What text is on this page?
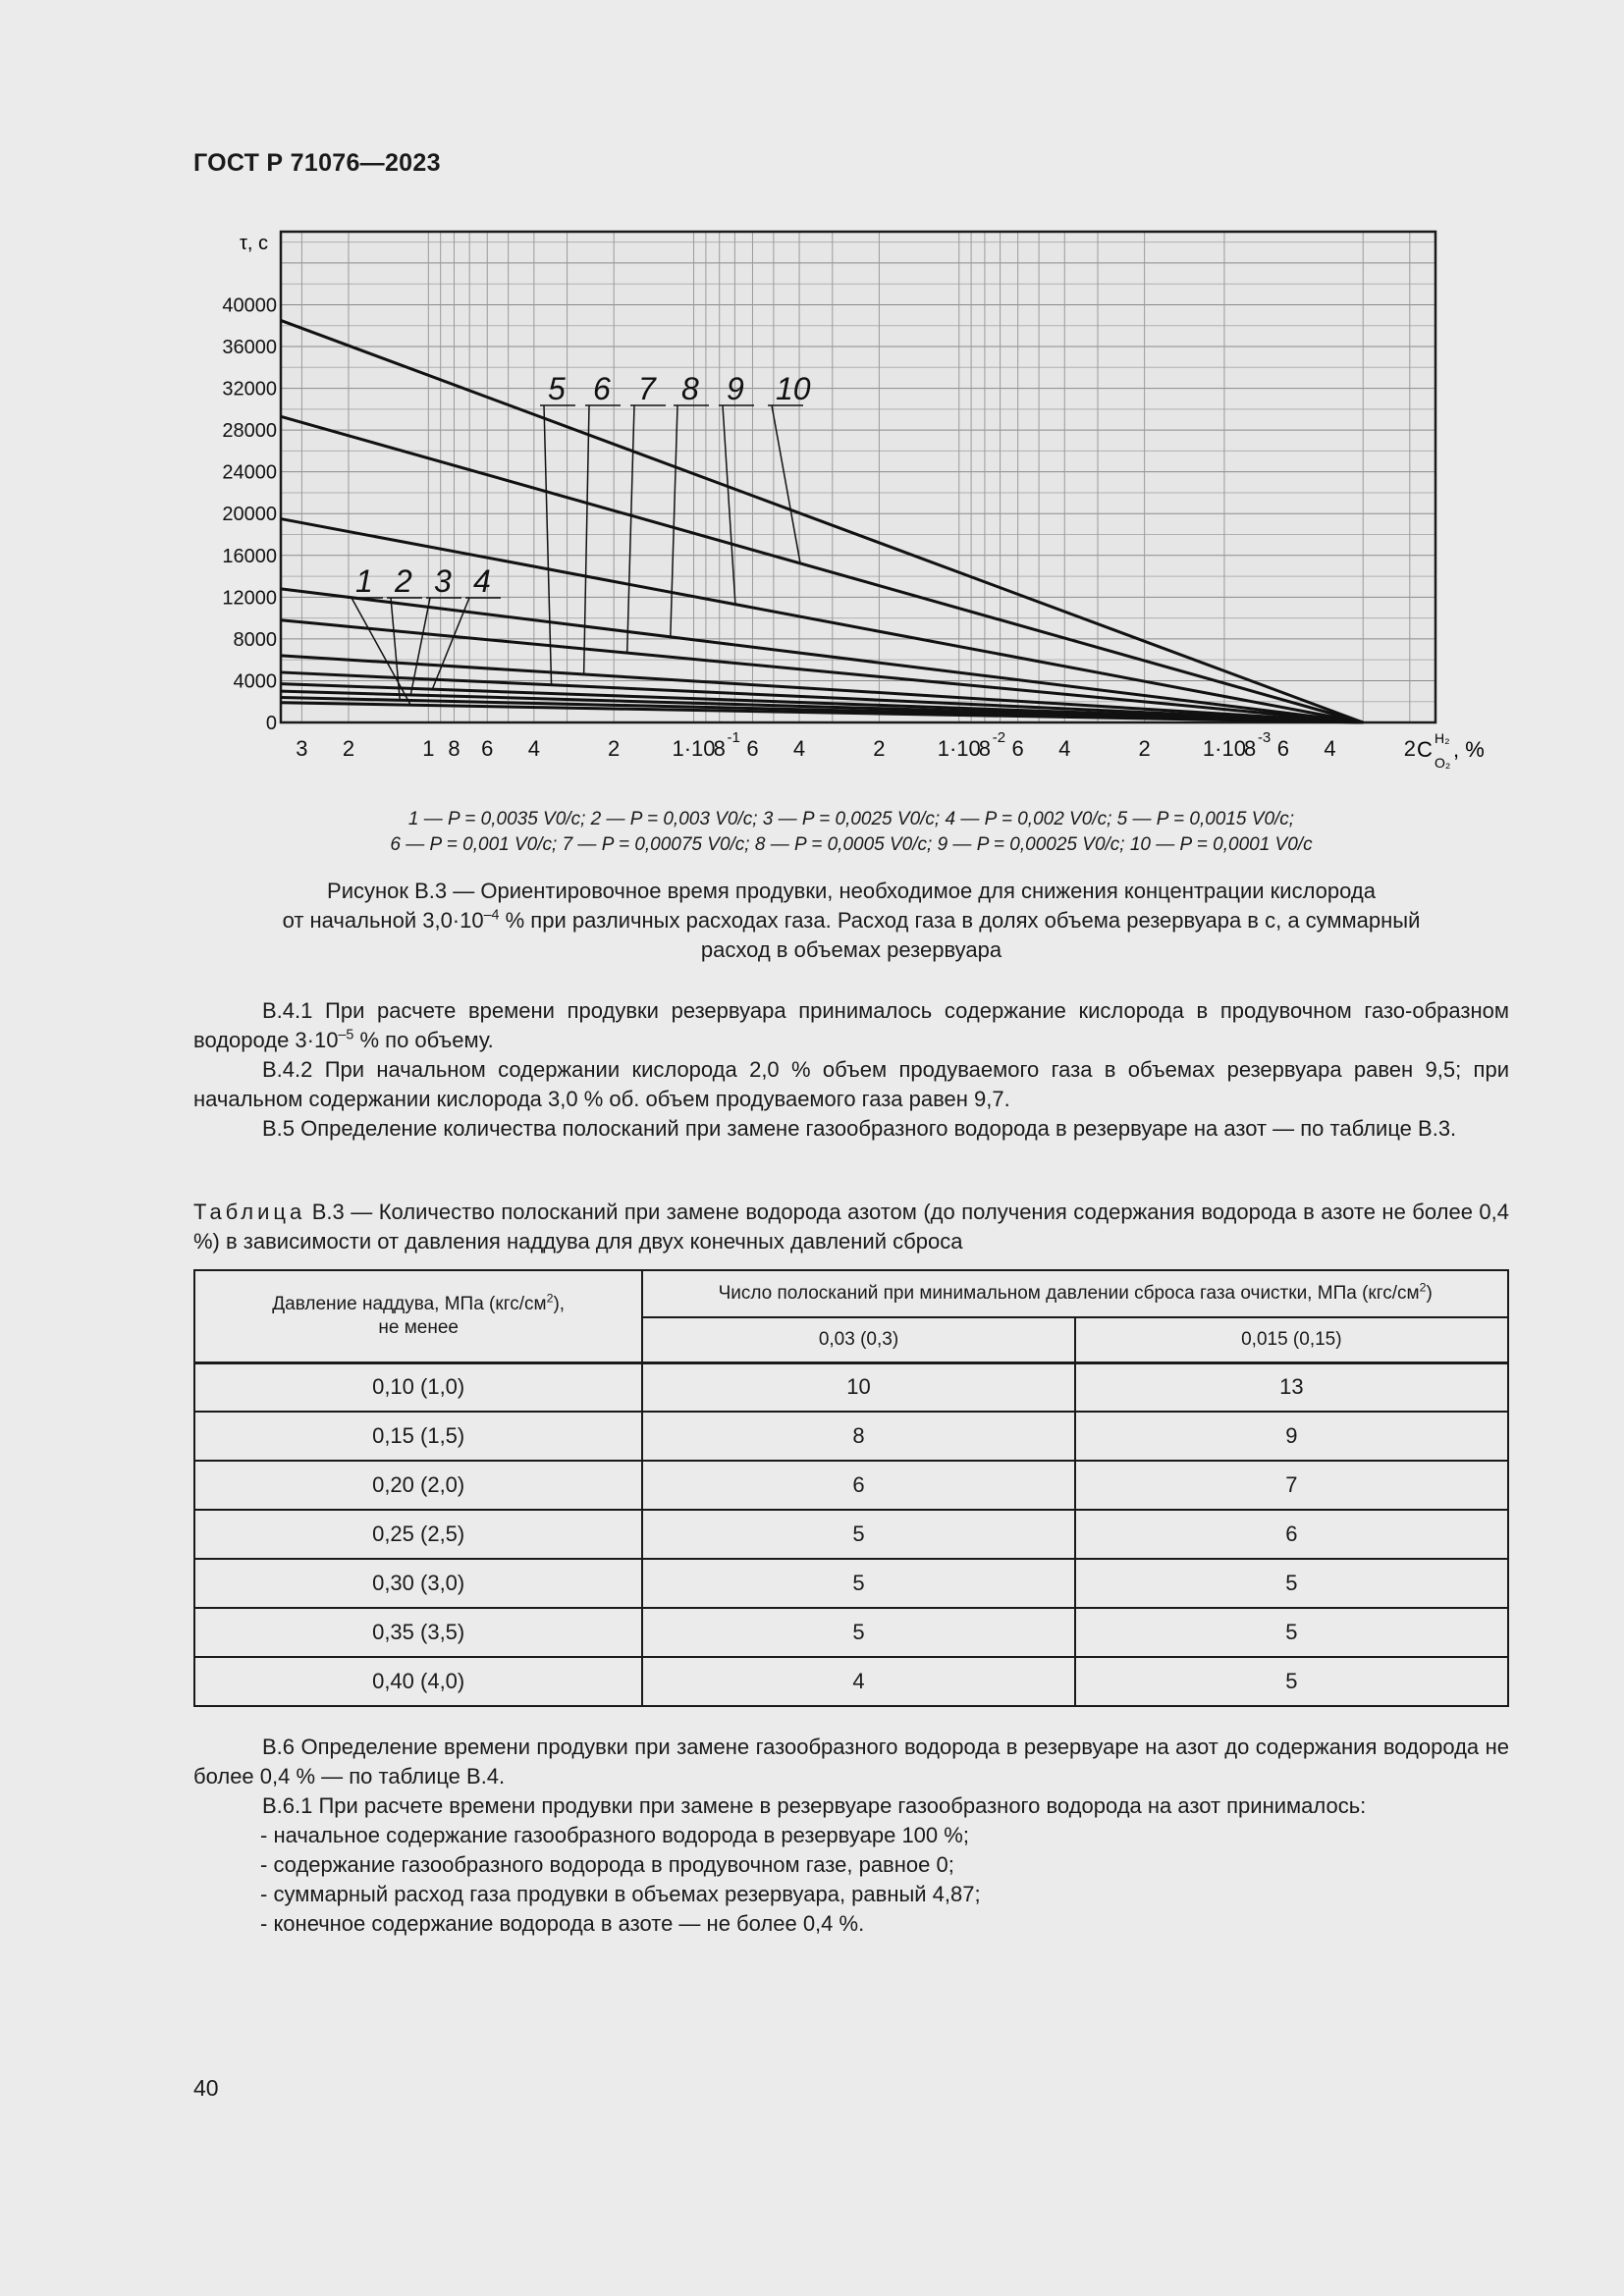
ГОСТ Р 71076—2023
1 2 3 4
5 6 7 8 9 10
0
4000
8000
12000
16000
20000
24000
28000
32000
36000
40000
3 2	1 8 6 4	2 1·10 -1
8 6 4	2 1·10 -2
8 6 4	2 1·10 -3
8 6 4	2
τ, с
C H₂
O₂
, %
1 — P = 0,0035 V0/c; 2 — P = 0,003 V0/c; 3 — P = 0,0025 V0/c; 4 — P = 0,002 V0/c; 5 — P = 0,0015 V0/c;
6 — P = 0,001 V0/c; 7 — P = 0,00075 V0/c; 8 — P = 0,0005 V0/c; 9 — P = 0,00025 V0/c; 10 — P = 0,0001 V0/c
Рисунок В.3 — Ориентировочное время продувки, необходимое для снижения концентрации кислорода
от начальной $3,0\cdot 10^{-4}$ % при различных расходах газа. Расход газа в долях объема резервуара в с, а суммарный
расход в объемах резервуара
В.4.1 При расчете времени продувки резервуара принималось содержание кислорода в продувочном газо-образном водороде $3\cdot 10^{-5}$ % по объему.
В.4.2 При начальном содержании кислорода 2,0 % объем продуваемого газа в объемах резервуара равен 9,5; при начальном содержании кислорода 3,0 % об. объем продуваемого газа равен 9,7.
В.5 Определение количества полосканий при замене газообразного водорода в резервуаре на азот — по таблице В.3.
Таблица В.3 — Количество полосканий при замене водорода азотом (до получения содержания водорода в азоте не более 0,4 %) в зависимости от давления наддува для двух конечных давлений сброса
Давление наддува, МПа $(кгс/см^2)$,
не менее	Число полосканий при минимальном давлении сброса газа очистки, МПа $(кгс/см^2)$	
	0,03 (0,3)	0,015 (0,15)
0,10 (1,0)	10	13
0,15 (1,5)	8	9
0,20 (2,0)	6	7
0,25 (2,5)	5	6
0,30 (3,0)	5	5
0,35 (3,5)	5	5
0,40 (4,0)	4	5
В.6 Определение времени продувки при замене газообразного водорода в резервуаре на азот до содержания водорода не более 0,4 % — по таблице В.4.
В.6.1 При расчете времени продувки при замене в резервуаре газообразного водорода на азот принималось:
- начальное содержание газообразного водорода в резервуаре 100 %;
- содержание газообразного водорода в продувочном газе, равное 0;
- суммарный расход газа продувки в объемах резервуара, равный 4,87;
- конечное содержание водорода в азоте — не более 0,4 %.
40
